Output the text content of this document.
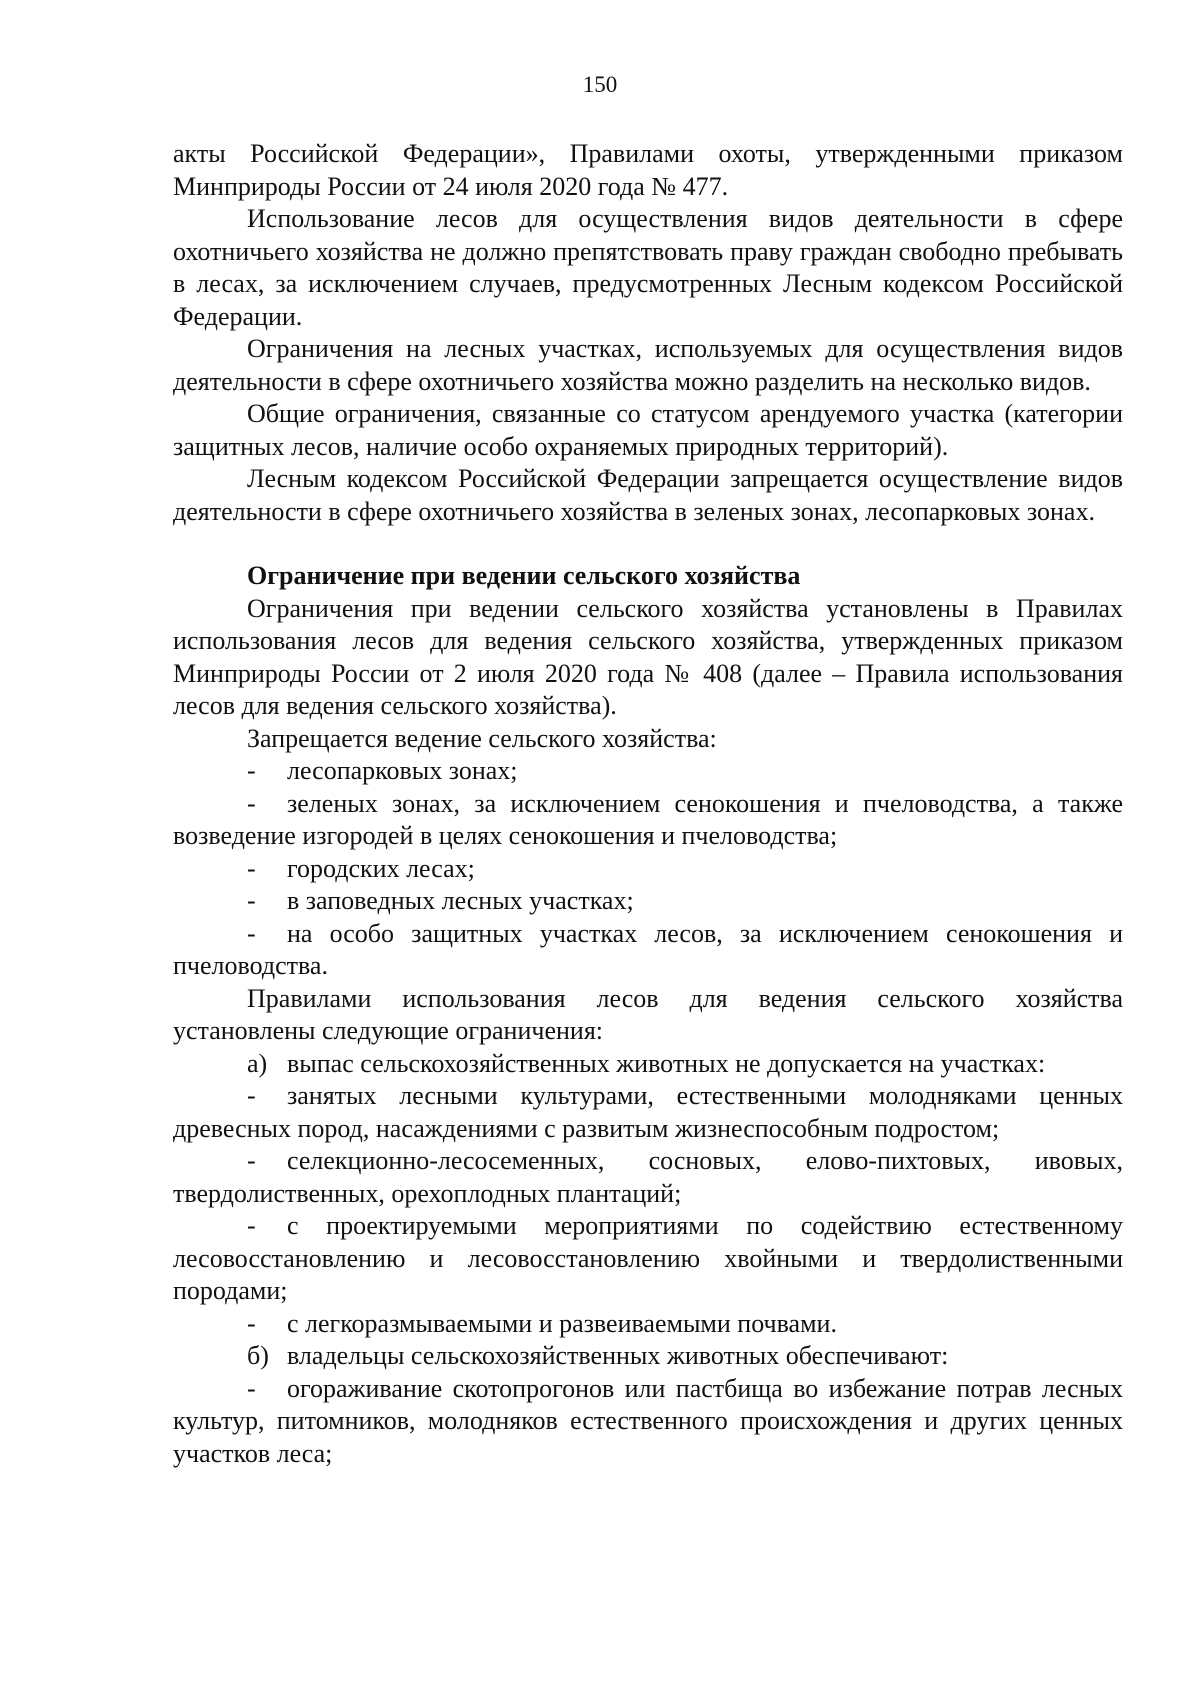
150

акты Российской Федерации», Правилами охоты, утвержденными приказом Минприроды России от 24 июля 2020 года № 477.

Использование лесов для осуществления видов деятельности в сфере охотничьего хозяйства не должно препятствовать праву граждан свободно пребывать в лесах, за исключением случаев, предусмотренных Лесным кодексом Российской Федерации.

Ограничения на лесных участках, используемых для осуществления видов деятельности в сфере охотничьего хозяйства можно разделить на несколько видов.

Общие ограничения, связанные со статусом арендуемого участка (категории защитных лесов, наличие особо охраняемых природных территорий).

Лесным кодексом Российской Федерации запрещается осуществление видов деятельности в сфере охотничьего хозяйства в зеленых зонах, лесопарковых зонах.

Ограничение при ведении сельского хозяйства

Ограничения при ведении сельского хозяйства установлены в Правилах использования лесов для ведения сельского хозяйства, утвержденных приказом Минприроды России от 2 июля 2020 года № 408 (далее – Правила использования лесов для ведения сельского хозяйства).

Запрещается ведение сельского хозяйства:

- лесопарковых зонах;

- зеленых зонах, за исключением сенокошения и пчеловодства, а также возведение изгородей в целях сенокошения и пчеловодства;

- городских лесах;

- в заповедных лесных участках;

- на особо защитных участках лесов, за исключением сенокошения и пчеловодства.

Правилами использования лесов для ведения сельского хозяйства установлены следующие ограничения:

а) выпас сельскохозяйственных животных не допускается на участках:

- занятых лесными культурами, естественными молодняками ценных древесных пород, насаждениями с развитым жизнеспособным подростом;

- селекционно-лесосеменных, сосновых, елово-пихтовых, ивовых, твердолиственных, орехоплодных плантаций;

- с проектируемыми мероприятиями по содействию естественному лесовосстановлению и лесовосстановлению хвойными и твердолиственными породами;

- с легкоразмываемыми и развеиваемыми почвами.

б) владельцы сельскохозяйственных животных обеспечивают:

- огораживание скотопрогонов или пастбища во избежание потрав лесных культур, питомников, молодняков естественного происхождения и других ценных участков леса;
